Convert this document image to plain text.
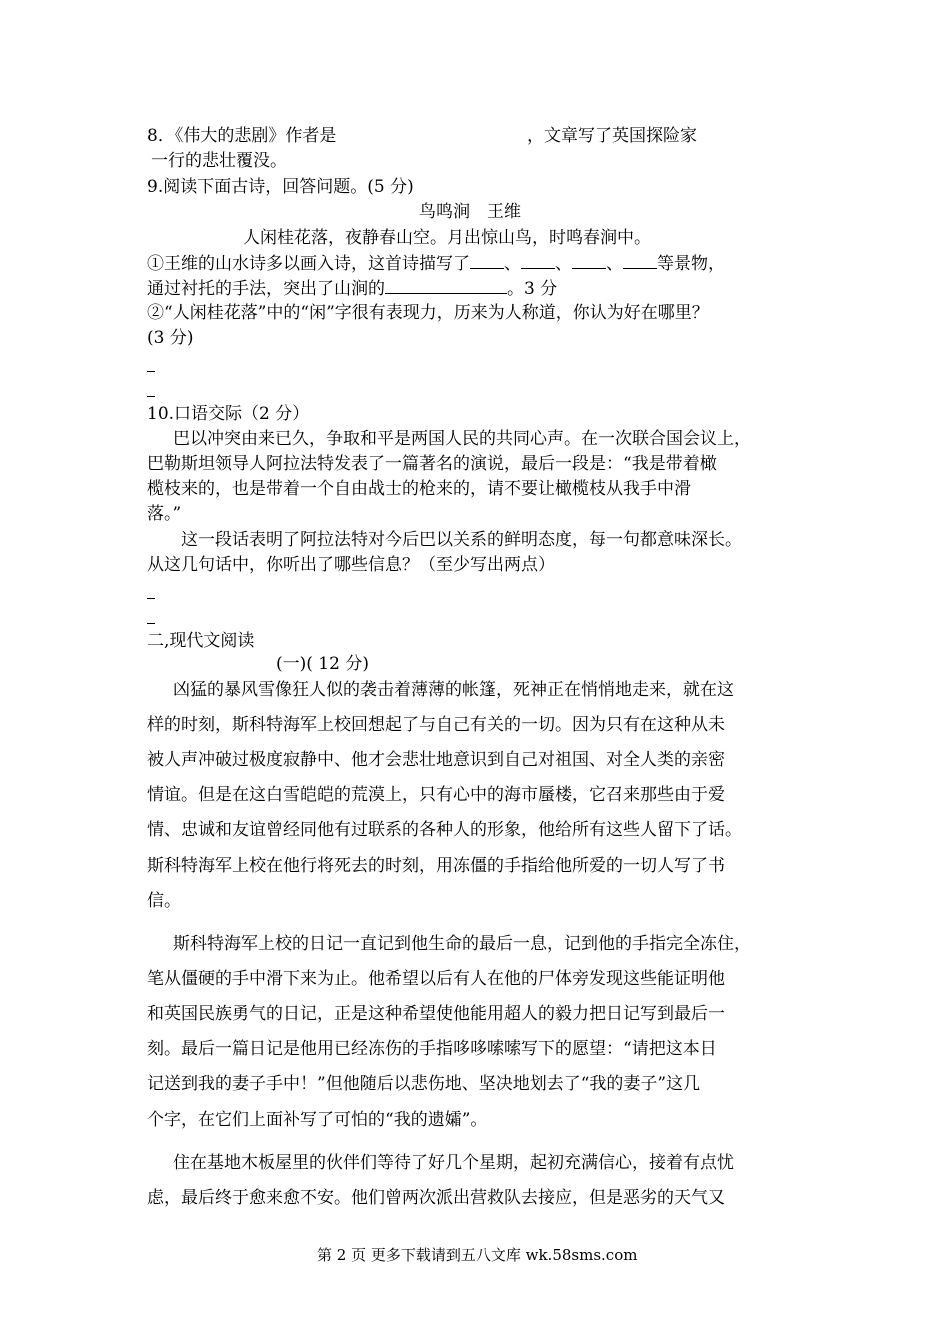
8．《伟大的悲剧》作者是	，文章写了英国探险家
一行的悲壮覆没。
9.阅读下面古诗，回答问题。(5 分)
鸟鸣涧　王维
人闲桂花落，夜静春山空。月出惊山鸟，时鸣春涧中。
①王维的山水诗多以画入诗，这首诗描写了 、 、 、 等景物，
通过衬托的手法，突出了山涧的	。3 分
②“人闲桂花落”中的“闲”字很有表现力，历来为人称道，你认为好在哪里？
(3 分)
10.口语交际（2 分）
巴以冲突由来已久，争取和平是两国人民的共同心声。在一次联合国会议上，
巴勒斯坦领导人阿拉法特发表了一篇著名的演说，最后一段是：“我是带着橄
榄枝来的，也是带着一个自由战士的枪来的，请不要让橄榄枝从我手中滑
落。”
这一段话表明了阿拉法特对今后巴以关系的鲜明态度，每一句都意味深长。
从这几句话中，你听出了哪些信息？（至少写出两点）
二,现代文阅读
(一)( 12 分)
凶猛的暴风雪像狂人似的袭击着薄薄的帐篷，死神正在悄悄地走来，就在这
样的时刻，斯科特海军上校回想起了与自己有关的一切。因为只有在这种从未
被人声冲破过极度寂静中、他才会悲壮地意识到自己对祖国、对全人类的亲密
情谊。但是在这白雪皑皑的荒漠上，只有心中的海市蜃楼，它召来那些由于爱
情、忠诚和友谊曾经同他有过联系的各种人的形象，他给所有这些人留下了话。
斯科特海军上校在他行将死去的时刻，用冻僵的手指给他所爱的一切人写了书
信。
斯科特海军上校的日记一直记到他生命的最后一息，记到他的手指完全冻住，
笔从僵硬的手中滑下来为止。他希望以后有人在他的尸体旁发现这些能证明他
和英国民族勇气的日记，正是这种希望使他能用超人的毅力把日记写到最后一
刻。最后一篇日记是他用已经冻伤的手指哆哆嗦嗦写下的愿望：“请把这本日
记送到我的妻子手中！”但他随后以悲伤地、坚决地划去了“我的妻子”这几
个字，在它们上面补写了可怕的“我的遗孀”。
住在基地木板屋里的伙伴们等待了好几个星期，起初充满信心，接着有点忧
虑，最后终于愈来愈不安。他们曾两次派出营救队去接应，但是恶劣的天气又
第 2 页 更多下载请到五八文库 wk.58sms.com
